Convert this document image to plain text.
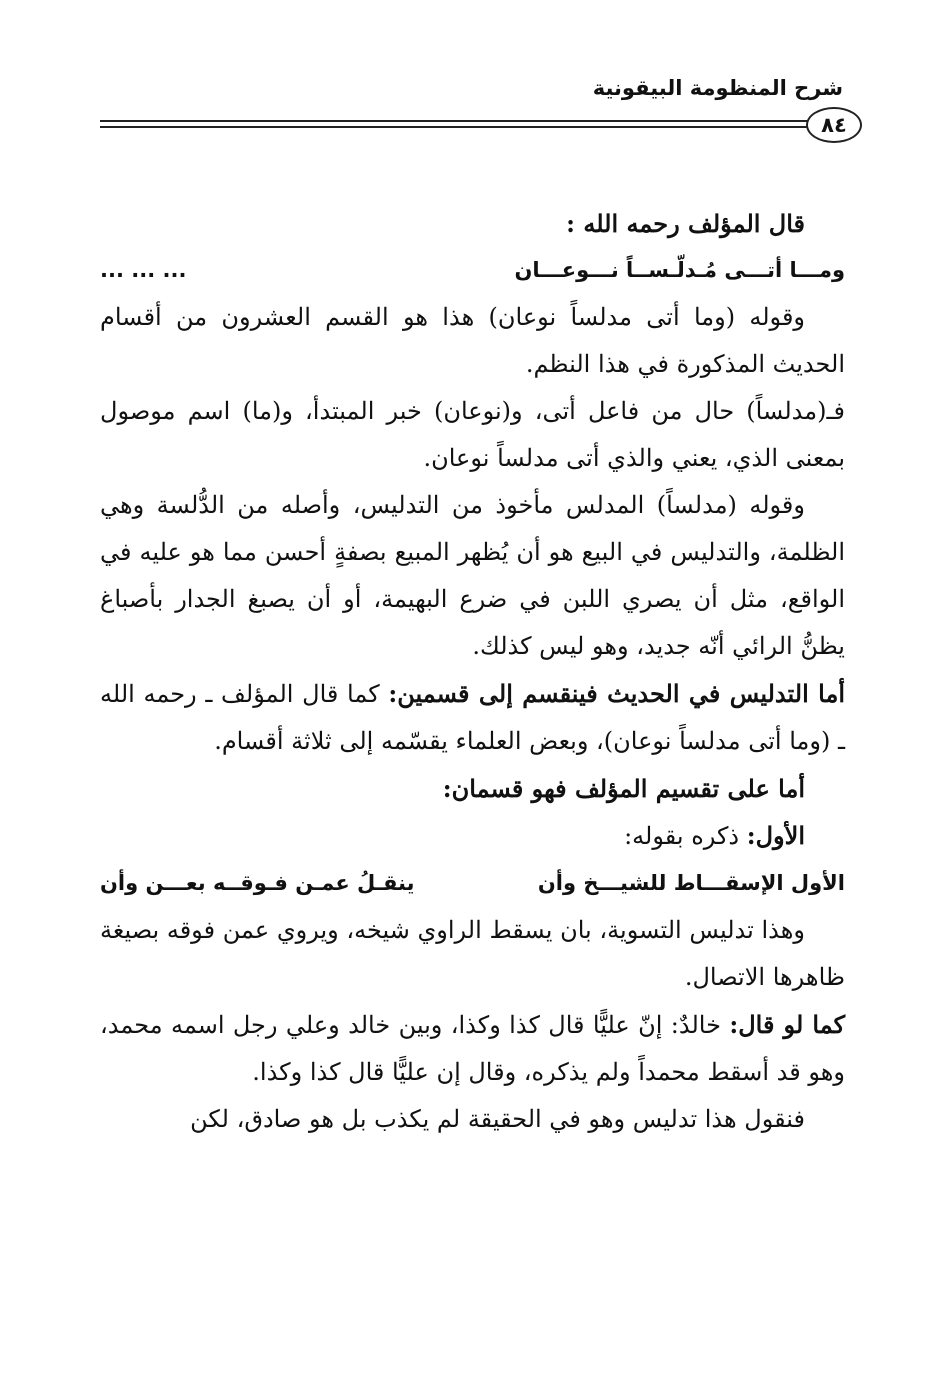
شرح المنظومة البيقونية
٨٤

قال المؤلف رحمه الله :

ومـــا أتـــى مُـدلّـســاً نـــوعـــان
... ... ...

وقوله (وما أتى مدلساً نوعان) هذا هو القسم العشرون من أقسام الحديث المذكورة في هذا النظم.

فـ(مدلساً) حال من فاعل أتى، و(نوعان) خبر المبتدأ، و(ما) اسم موصول بمعنى الذي، يعني والذي أتى مدلساً نوعان.

وقوله (مدلساً) المدلس مأخوذ من التدليس، وأصله من الدُّلسة وهي الظلمة، والتدليس في البيع هو أن يُظهر المبيع بصفةٍ أحسن مما هو عليه في الواقع، مثل أن يصري اللبن في ضرع البهيمة، أو أن يصبغ الجدار بأصباغ يظنُّ الرائي أنّه جديد، وهو ليس كذلك.

أما التدليس في الحديث فينقسم إلى قسمين: كما قال المؤلف ـ رحمه الله ـ (وما أتى مدلساً نوعان)، وبعض العلماء يقسّمه إلى ثلاثة أقسام.

أما على تقسيم المؤلف فهو قسمان:

الأول: ذكره بقوله:

الأول الإسقـــاط للشيـــخ وأن
ينقـلُ عمـن فـوقــه بعـــن وأن

وهذا تدليس التسوية، بان يسقط الراوي شيخه، ويروي عمن فوقه بصيغة ظاهرها الاتصال.

كما لو قال: خالدٌ: إنّ عليًّا قال كذا وكذا، وبين خالد وعلي رجل اسمه محمد، وهو قد أسقط محمداً ولم يذكره، وقال إن عليًّا قال كذا وكذا.

فنقول هذا تدليس وهو في الحقيقة لم يكذب بل هو صادق، لكن
